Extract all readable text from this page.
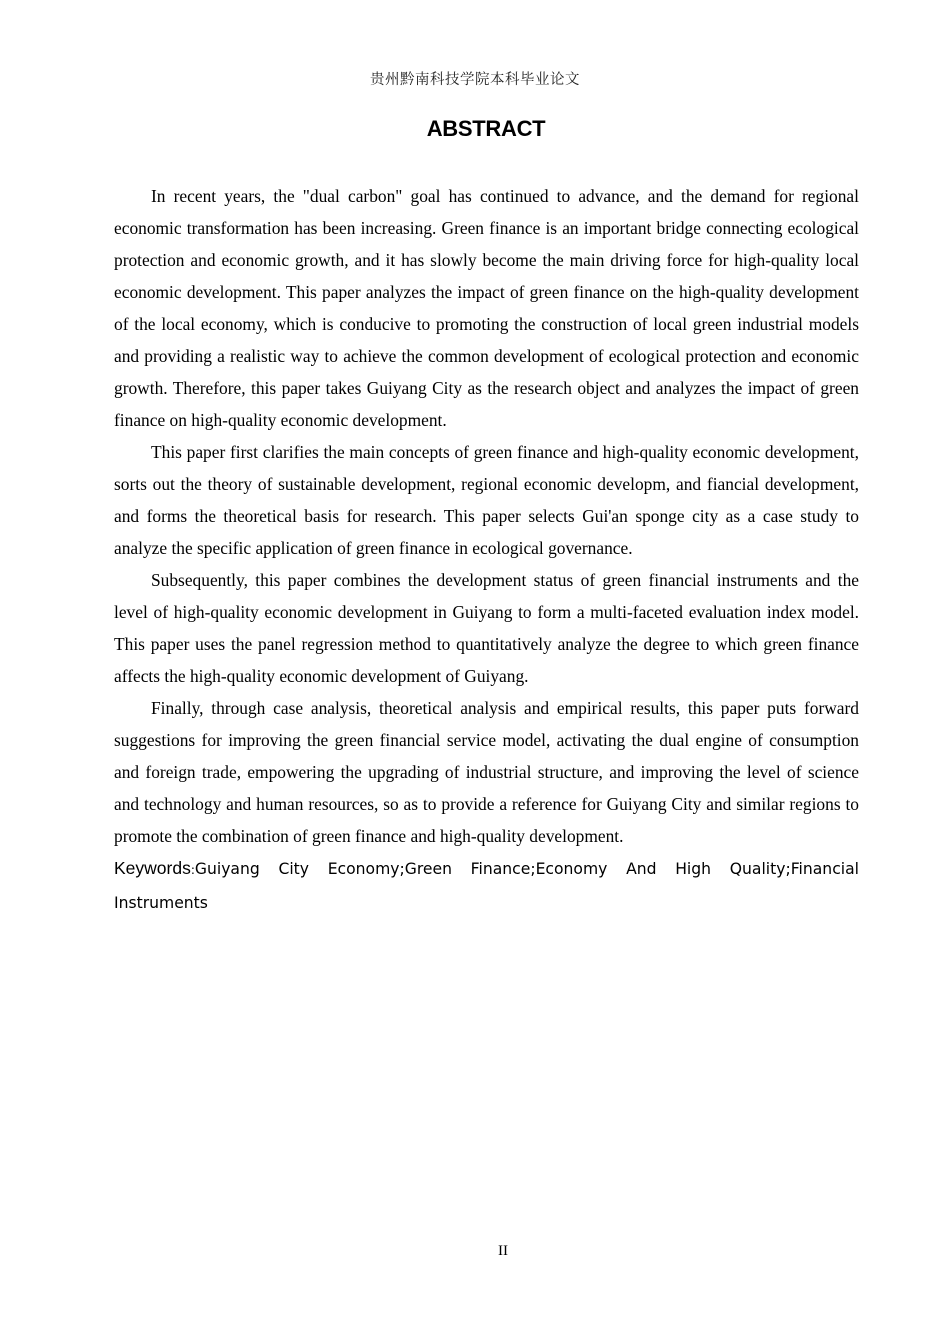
贵州黔南科技学院本科毕业论文
ABSTRACT

In recent years, the "dual carbon" goal has continued to advance, and the demand for regional economic transformation has been increasing. Green finance is an important bridge connecting ecological protection and economic growth, and it has slowly become the main driving force for high-quality local economic development. This paper analyzes the impact of green finance on the high-quality development of the local economy, which is conducive to promoting the construction of local green industrial models and providing a realistic way to achieve the common development of ecological protection and economic growth. Therefore, this paper takes Guiyang City as the research object and analyzes the impact of green finance on high-quality economic development.

This paper first clarifies the main concepts of green finance and high-quality economic development, sorts out the theory of sustainable development, regional economic developm, and fiancial development, and forms the theoretical basis for research. This paper selects Gui'an sponge city as a case study to analyze the specific application of green finance in ecological governance.

Subsequently, this paper combines the development status of green financial instruments and the level of high-quality economic development in Guiyang to form a multi-faceted evaluation index model. This paper uses the panel regression method to quantitatively analyze the degree to which green finance affects the high-quality economic development of Guiyang.

Finally, through case analysis, theoretical analysis and empirical results, this paper puts forward suggestions for improving the green financial service model, activating the dual engine of consumption and foreign trade, empowering the upgrading of industrial structure, and improving the level of science and technology and human resources, so as to provide a reference for Guiyang City and similar regions to promote the combination of green finance and high-quality development.

Keywords:Guiyang City Economy;Green Finance;Economy And High Quality;Financial Instruments
II
